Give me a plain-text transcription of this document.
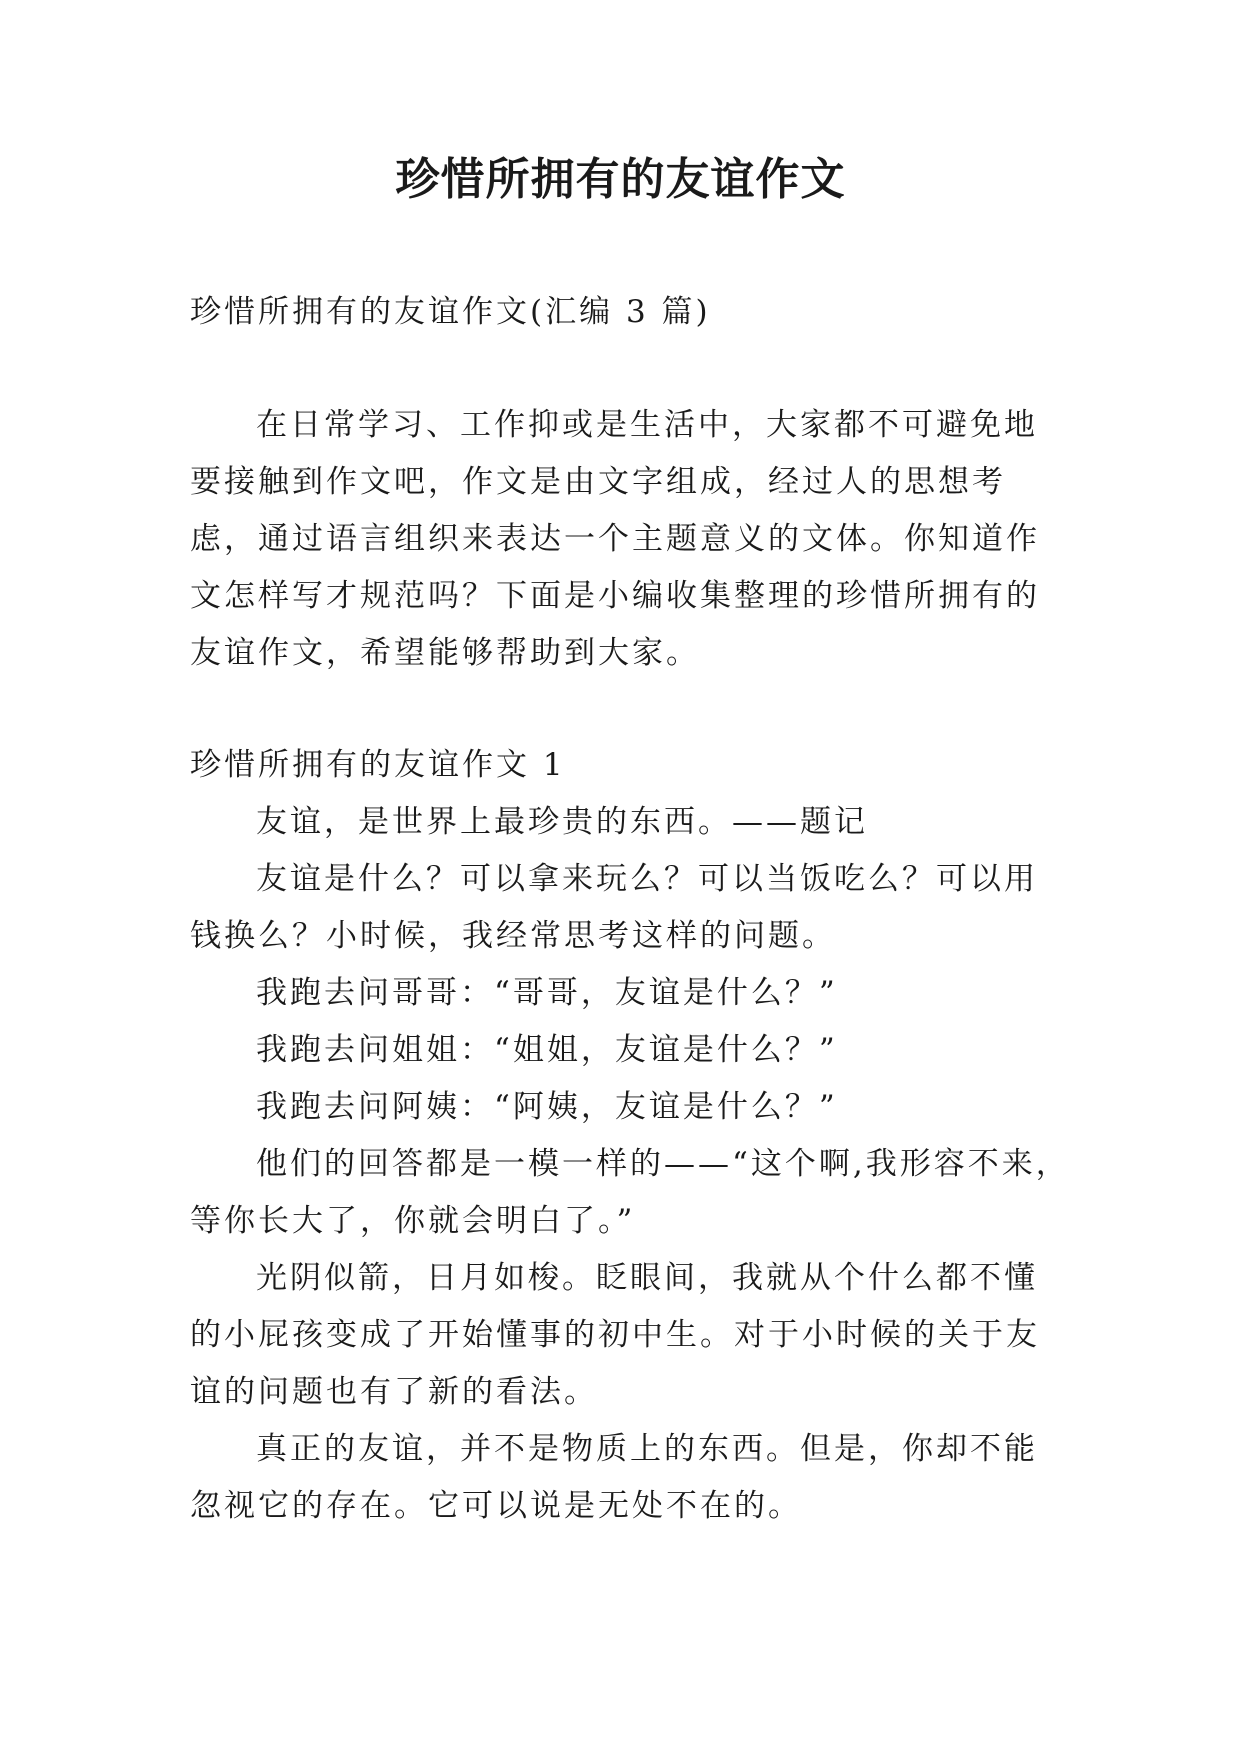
珍惜所拥有的友谊作文

珍惜所拥有的友谊作文(汇编 3 篇)

在日常学习、工作抑或是生活中，大家都不可避免地要接触到作文吧，作文是由文字组成，经过人的思想考虑，通过语言组织来表达一个主题意义的文体。你知道作文怎样写才规范吗？下面是小编收集整理的珍惜所拥有的友谊作文，希望能够帮助到大家。

珍惜所拥有的友谊作文 1

友谊，是世界上最珍贵的东西。——题记

友谊是什么？可以拿来玩么？可以当饭吃么？可以用钱换么？小时候，我经常思考这样的问题。

我跑去问哥哥：“哥哥，友谊是什么？”

我跑去问姐姐：“姐姐，友谊是什么？”

我跑去问阿姨：“阿姨，友谊是什么？”

他们的回答都是一模一样的——“这个啊,我形容不来，等你长大了，你就会明白了。”

光阴似箭，日月如梭。眨眼间，我就从个什么都不懂的小屁孩变成了开始懂事的初中生。对于小时候的关于友谊的问题也有了新的看法。

真正的友谊，并不是物质上的东西。但是，你却不能忽视它的存在。它可以说是无处不在的。
